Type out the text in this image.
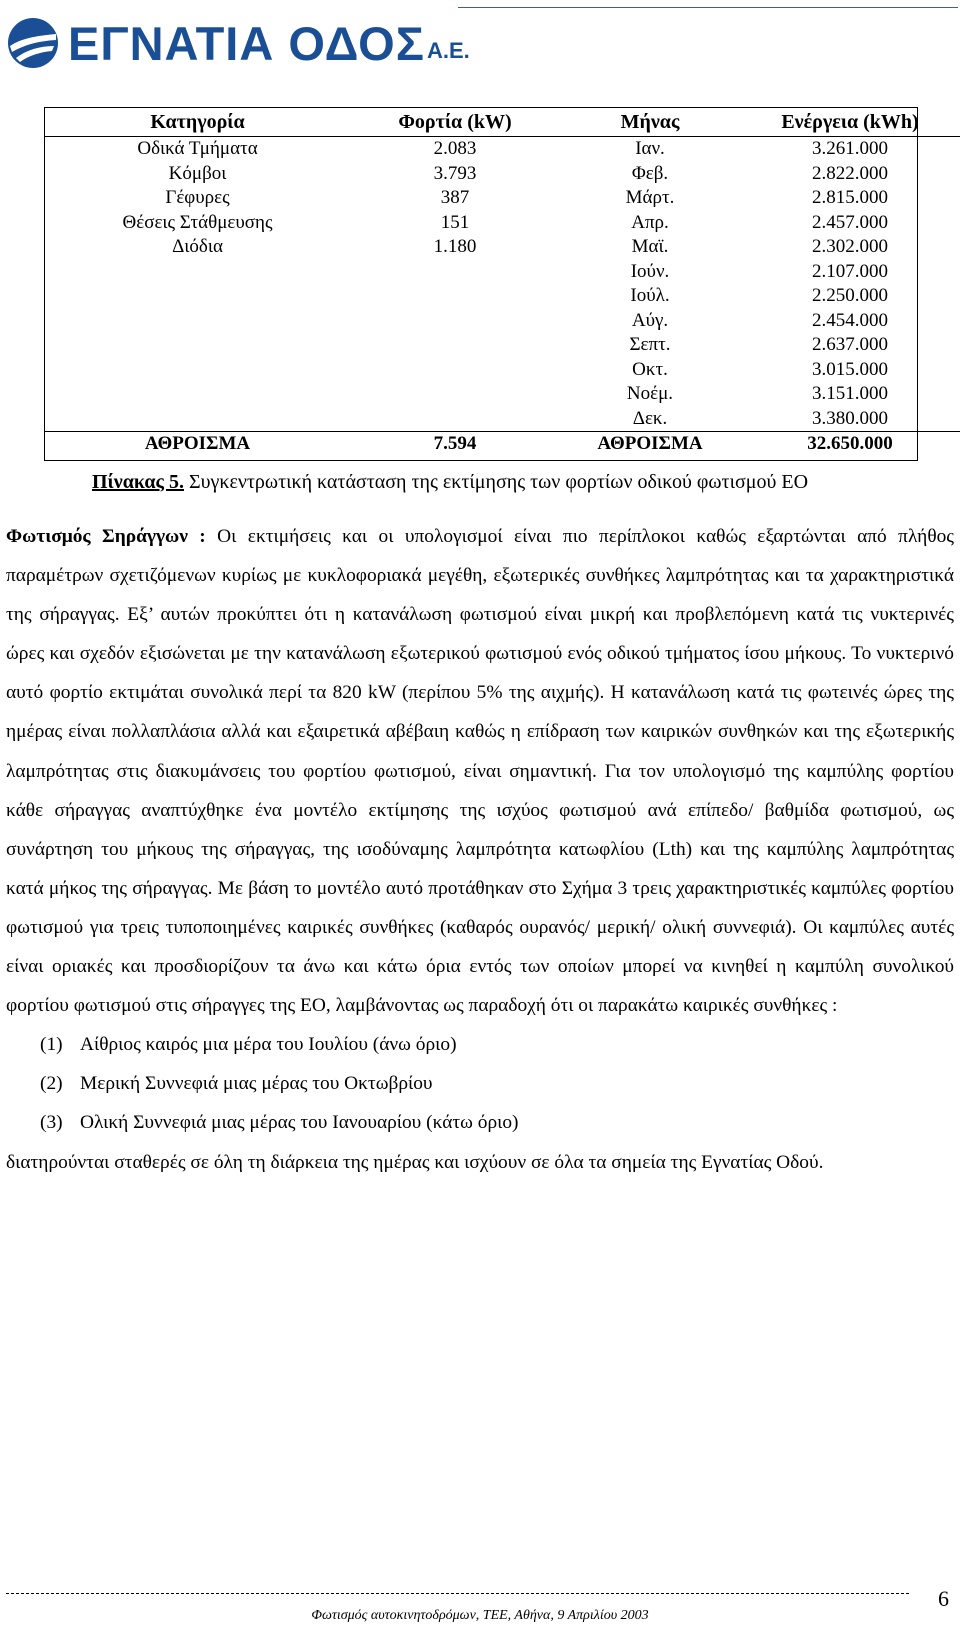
ΕΓΝΑΤΙΑ ΟΔΟΣ Α.Ε.
Κατηγορία	Φορτία (kW)	Μήνας	Ενέργεια (kWh)
Οδικά Τμήματα	2.083	Ιαν.	3.261.000
Κόμβοι	3.793	Φεβ.	2.822.000
Γέφυρες	387	Μάρτ.	2.815.000
Θέσεις Στάθμευσης	151	Απρ.	2.457.000
Διόδια	1.180	Μαϊ.	2.302.000
		Ιούν.	2.107.000
		Ιούλ.	2.250.000
		Αύγ.	2.454.000
		Σεπτ.	2.637.000
		Οκτ.	3.015.000
		Νοέμ.	3.151.000
		Δεκ.	3.380.000
ΑΘΡΟΙΣΜΑ	7.594	ΑΘΡΟΙΣΜΑ	32.650.000
Πίνακας 5. Συγκεντρωτική κατάσταση της εκτίμησης των φορτίων οδικού φωτισμού ΕΟ

Φωτισμός Σηράγγων : Οι εκτιμήσεις και οι υπολογισμοί είναι πιο περίπλοκοι καθώς εξαρτώνται από πλήθος παραμέτρων σχετιζόμενων κυρίως με κυκλοφοριακά μεγέθη, εξωτερικές συνθήκες λαμπρότητας και τα χαρακτηριστικά της σήραγγας. Εξ’ αυτών προκύπτει ότι η κατανάλωση φωτισμού είναι μικρή και προβλεπόμενη κατά τις νυκτερινές ώρες και σχεδόν εξισώνεται με την κατανάλωση εξωτερικού φωτισμού ενός οδικού τμήματος ίσου μήκους. Το νυκτερινό αυτό φορτίο εκτιμάται συνολικά περί τα 820 kW (περίπου 5% της αιχμής). Η κατανάλωση κατά τις φωτεινές ώρες της ημέρας είναι πολλαπλάσια αλλά και εξαιρετικά αβέβαιη καθώς η επίδραση των καιρικών συνθηκών και της εξωτερικής λαμπρότητας στις διακυμάνσεις του φορτίου φωτισμού, είναι σημαντική. Για τον υπολογισμό της καμπύλης φορτίου κάθε σήραγγας αναπτύχθηκε ένα μοντέλο εκτίμησης της ισχύος φωτισμού ανά επίπεδο/ βαθμίδα φωτισμού, ως συνάρτηση του μήκους της σήραγγας, της ισοδύναμης λαμπρότητα κατωφλίου (Lth) και της καμπύλης λαμπρότητας κατά μήκος της σήραγγας. Με βάση το μοντέλο αυτό προτάθηκαν στο Σχήμα 3 τρεις χαρακτηριστικές καμπύλες φορτίου φωτισμού για τρεις τυποποιημένες καιρικές συνθήκες (καθαρός ουρανός/ μερική/ ολική συννεφιά). Οι καμπύλες αυτές είναι οριακές και προσδιορίζουν τα άνω και κάτω όρια εντός των οποίων μπορεί να κινηθεί η καμπύλη συνολικού φορτίου φωτισμού στις σήραγγες της ΕΟ, λαμβάνοντας ως παραδοχή ότι οι παρακάτω καιρικές συνθήκες :

(1) Αίθριος καιρός μια μέρα του Ιουλίου (άνω όριο)
(2) Μερική Συννεφιά μιας μέρας του Οκτωβρίου
(3) Ολική Συννεφιά μιας μέρας του Ιανουαρίου (κάτω όριο)

διατηρούνται σταθερές σε όλη τη διάρκεια της ημέρας και ισχύουν σε όλα τα σημεία της Εγνατίας Οδού.

6
Φωτισμός αυτοκινητοδρόμων, ΤΕΕ, Αθήνα, 9 Απριλίου 2003
